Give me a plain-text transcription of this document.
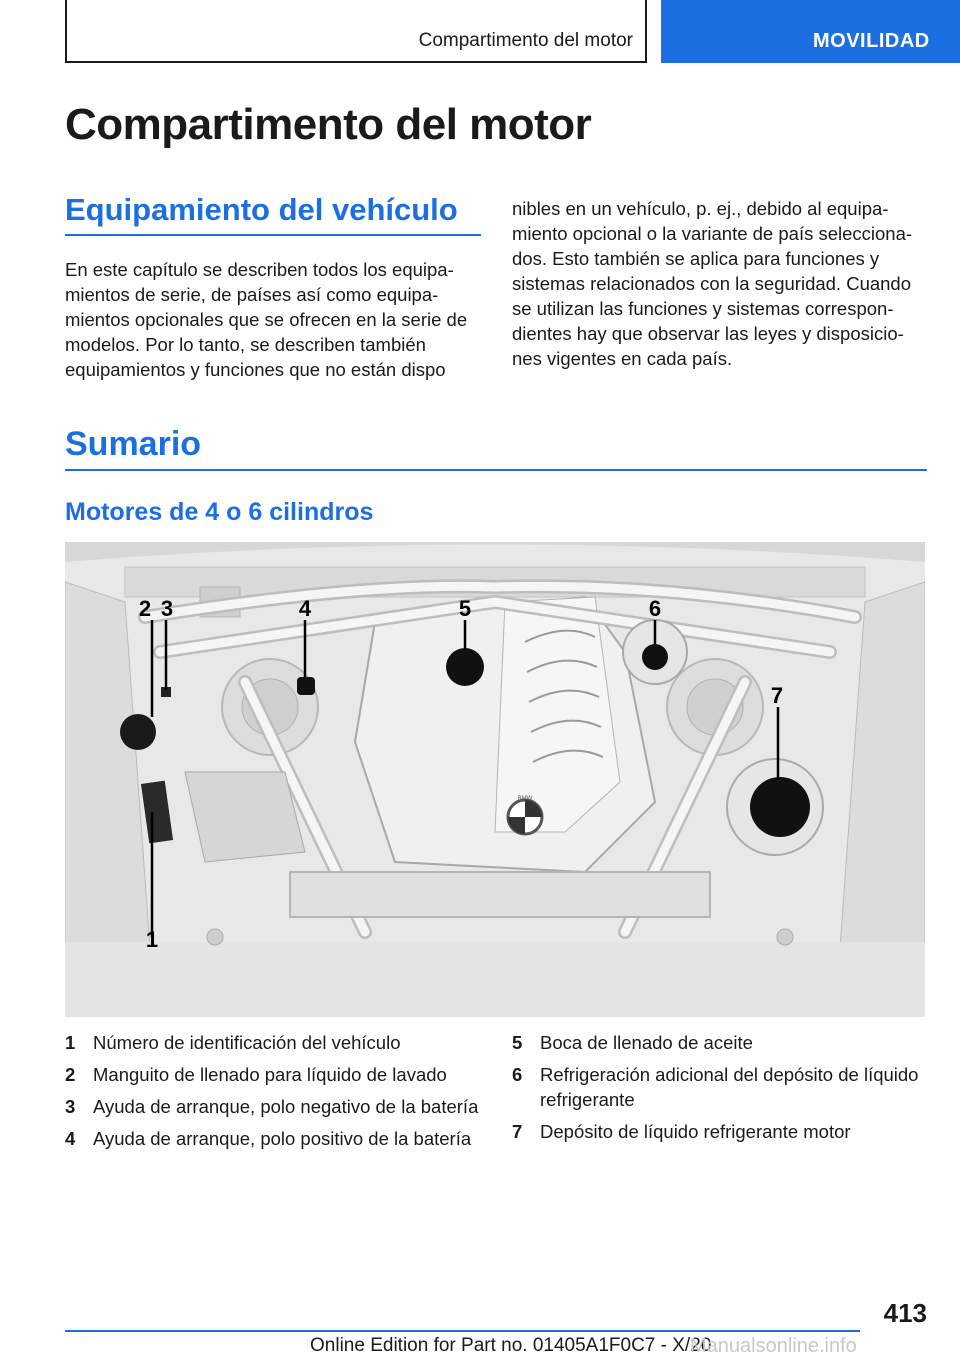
Compartimento del motor	MOVILIDAD
Compartimento del motor
Equipamiento del vehículo

En este capítulo se describen todos los equipamientos de serie, de países así como equipamientos opcionales que se ofrecen en la serie de modelos. Por lo tanto, se describen también equipamientos y funciones que no están dispo

nibles en un vehículo, p. ej., debido al equipamiento opcional o la variante de país seleccionados. Esto también se aplica para funciones y sistemas relacionados con la seguridad. Cuando se utilizan las funciones y sistemas correspondientes hay que observar las leyes y disposiciones vigentes en cada país.

Sumario
Motores de 4 o 6 cilindros
BMW
1
2 3	4	5	6
7
1 Número de identificación del vehículo
2 Manguito de llenado para líquido de lavado
3 Ayuda de arranque, polo negativo de la batería
4 Ayuda de arranque, polo positivo de la batería
5 Boca de llenado de aceite
6 Refrigeración adicional del depósito de líquido refrigerante
7 Depósito de líquido refrigerante motor
413
Online Edition for Part no. 01405A1F0C7 - X/20
Manualsonline.info
